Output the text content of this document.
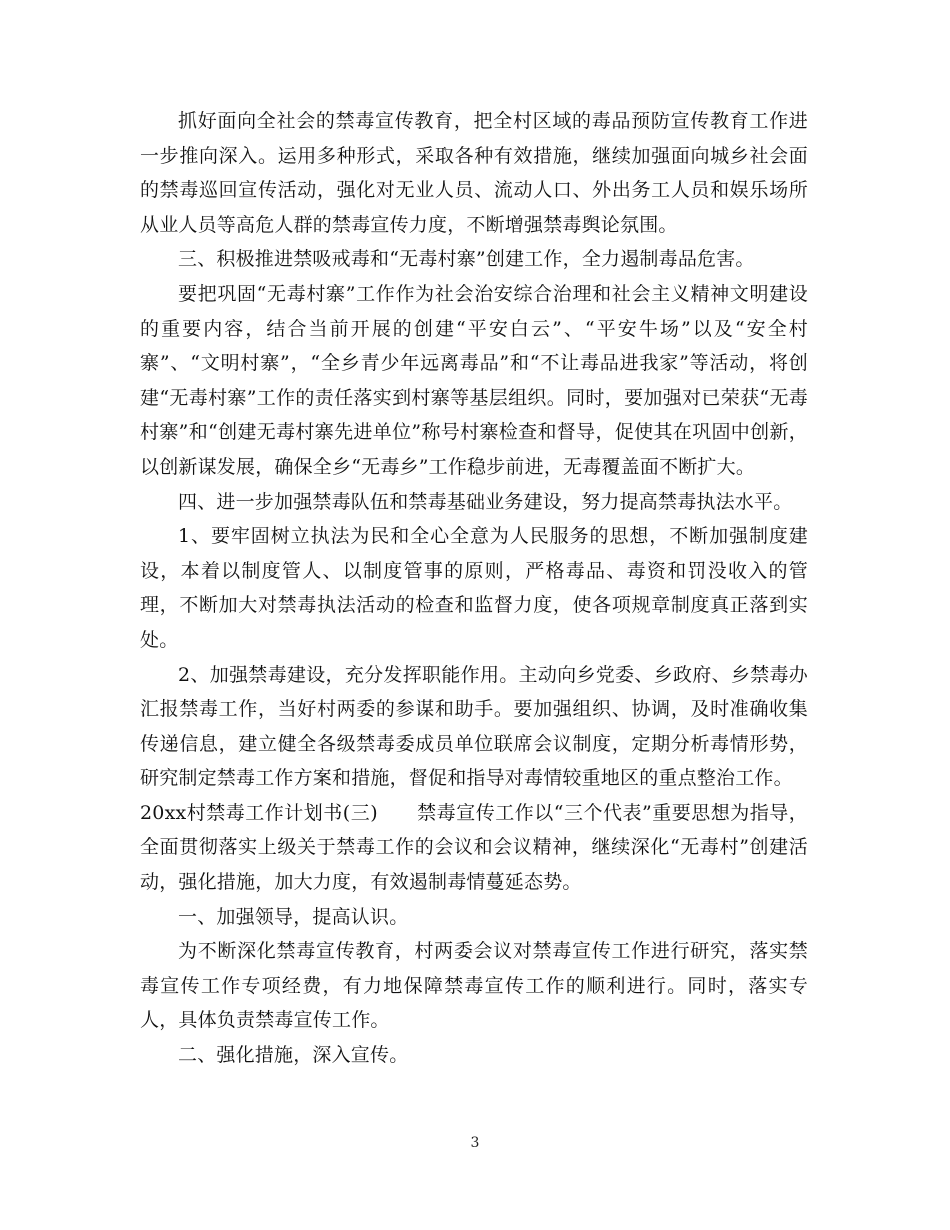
抓好面向全社会的禁毒宣传教育，把全村区域的毒品预防宣传教育工作进一步推向深入。运用多种形式，采取各种有效措施，继续加强面向城乡社会面的禁毒巡回宣传活动，强化对无业人员、流动人口、外出务工人员和娱乐场所从业人员等高危人群的禁毒宣传力度，不断增强禁毒舆论氛围。

三、积极推进禁吸戒毒和“无毒村寨”创建工作，全力遏制毒品危害。

要把巩固“无毒村寨”工作作为社会治安综合治理和社会主义精神文明建设的重要内容，结合当前开展的创建“平安白云”、“平安牛场”以及“安全村寨”、“文明村寨”，“全乡青少年远离毒品”和“不让毒品进我家”等活动，将创建“无毒村寨”工作的责任落实到村寨等基层组织。同时，要加强对已荣获“无毒村寨”和“创建无毒村寨先进单位”称号村寨检查和督导，促使其在巩固中创新，以创新谋发展，确保全乡“无毒乡”工作稳步前进，无毒覆盖面不断扩大。

四、进一步加强禁毒队伍和禁毒基础业务建设，努力提高禁毒执法水平。

1、要牢固树立执法为民和全心全意为人民服务的思想，不断加强制度建设，本着以制度管人、以制度管事的原则，严格毒品、毒资和罚没收入的管理，不断加大对禁毒执法活动的检查和监督力度，使各项规章制度真正落到实处。

2、加强禁毒建设，充分发挥职能作用。主动向乡党委、乡政府、乡禁毒办汇报禁毒工作，当好村两委的参谋和助手。要加强组织、协调，及时准确收集传递信息，建立健全各级禁毒委成员单位联席会议制度，定期分析毒情形势，研究制定禁毒工作方案和措施，督促和指导对毒情较重地区的重点整治工作。

20xx村禁毒工作计划书(三)　　禁毒宣传工作以“三个代表”重要思想为指导，全面贯彻落实上级关于禁毒工作的会议和会议精神，继续深化“无毒村”创建活动，强化措施，加大力度，有效遏制毒情蔓延态势。

一、加强领导，提高认识。

为不断深化禁毒宣传教育，村两委会议对禁毒宣传工作进行研究，落实禁毒宣传工作专项经费，有力地保障禁毒宣传工作的顺利进行。同时，落实专人，具体负责禁毒宣传工作。

二、强化措施，深入宣传。

3
